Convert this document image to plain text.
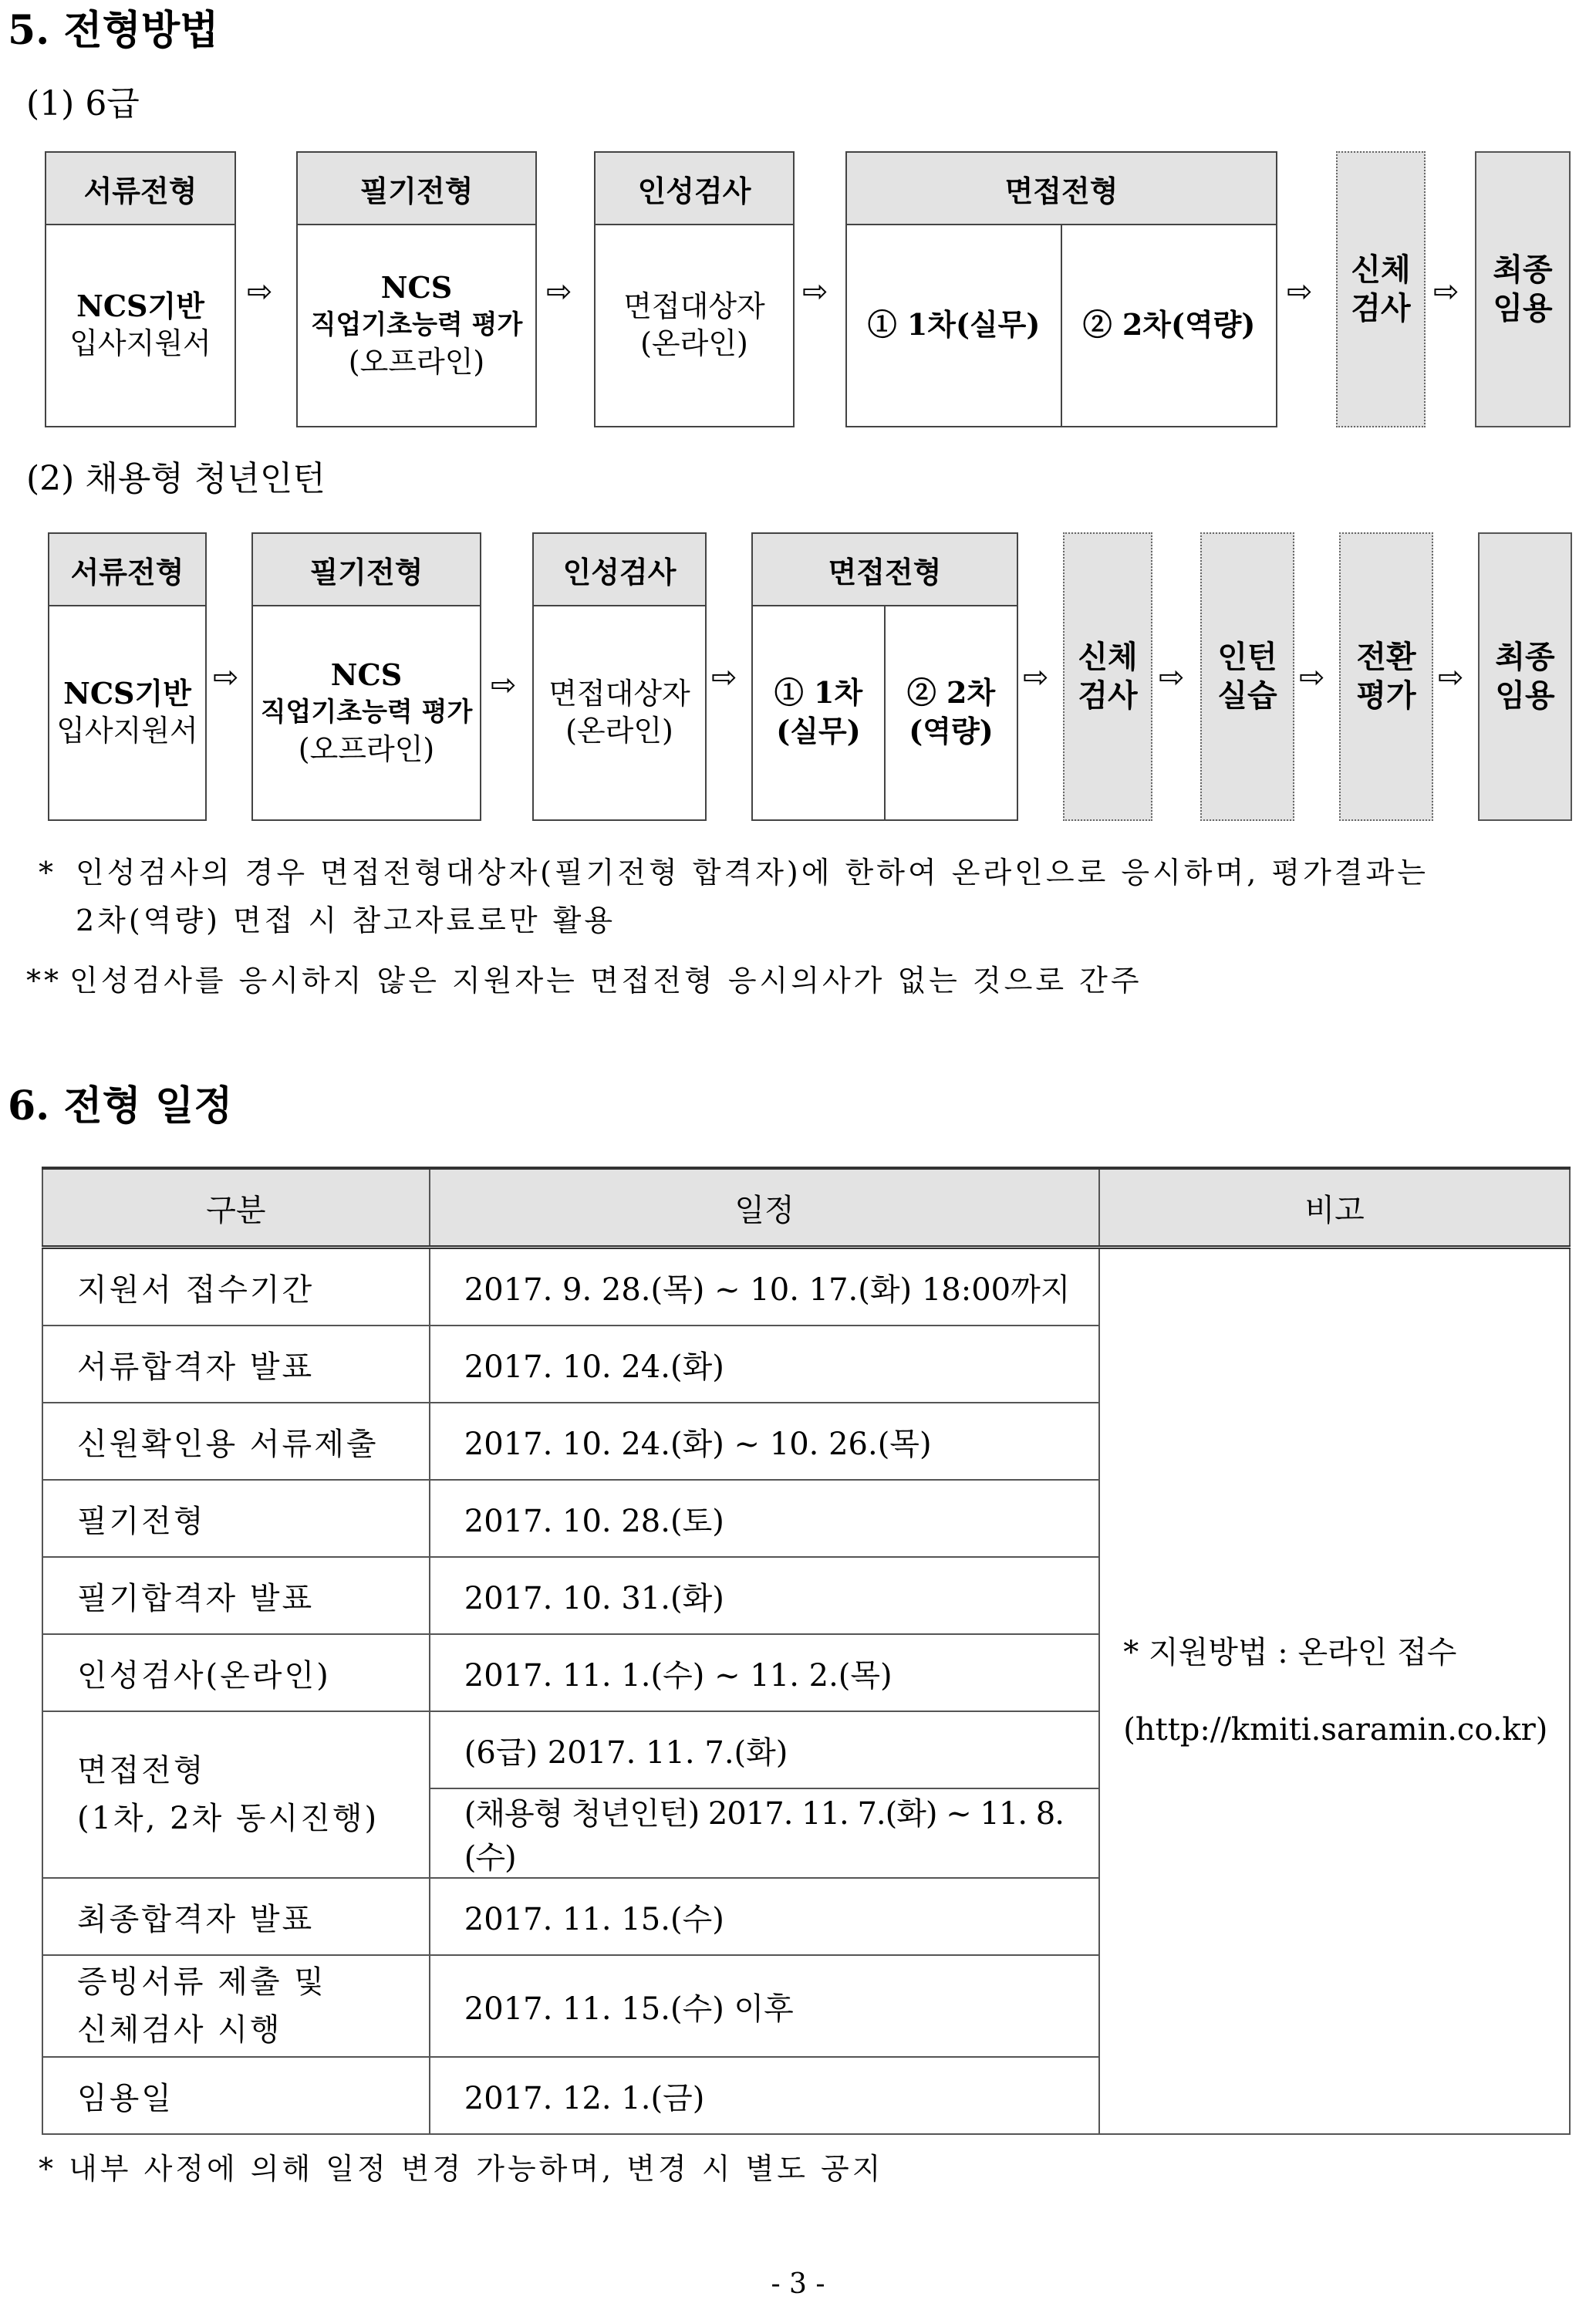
5. 전형방법
(1) 6급
서류전형
NCS기반
입사지원서
⇨
필기전형
NCS
직업기초능력 평가
(오프라인)
⇨
인성검사
면접대상자
(온라인)
⇨
면접전형
① 1차(실무)	② 2차(역량)
⇨
신체
검사 ⇨
최종
임용
(2) 채용형 청년인턴
서류전형
NCS기반
입사지원서
⇨
필기전형
NCS
직업기초능력 평가
(오프라인)
⇨
인성검사
면접대상자
(온라인)
⇨
면접전형
① 1차
(실무)
② 2차
(역량)
⇨
신체
검사 ⇨
인턴
실습 ⇨
전환
평가 ⇨
최종
임용
* 인성검사의 경우 면접전형대상자(필기전형 합격자)에 한하여 온라인으로 응시하며, 평가결과는
2차(역량) 면접 시 참고자료로만 활용
** 인성검사를 응시하지 않은 지원자는 면접전형 응시의사가 없는 것으로 간주
6. 전형 일정
구분	일정	비고
지원서 접수기간	2017. 9. 28.(목) ~ 10. 17.(화) 18:00까지	* 지원방법 : 온라인 접수
(http://kmiti.saramin.co.kr)

서류합격자 발표	2017. 10. 24.(화)	
신원확인용 서류제출	2017. 10. 24.(화) ~ 10. 26.(목)	
필기전형	2017. 10. 28.(토)	
필기합격자 발표	2017. 10. 31.(화)	
인성검사(온라인)	2017. 11. 1.(수) ~ 11. 2.(목)	

면접전형
(1차, 2차 동시진행)	(6급) 2017. 11. 7.(화)	
	(채용형 청년인턴) 2017. 11. 7.(화) ~ 11. 8.(수)	
최종합격자 발표	2017. 11. 15.(수)	

증빙서류 제출 및
신체검사 시행	2017. 11. 15.(수) 이후	
임용일	2017. 12. 1.(금)	
* 내부 사정에 의해 일정 변경 가능하며, 변경 시 별도 공지
- 3 -
